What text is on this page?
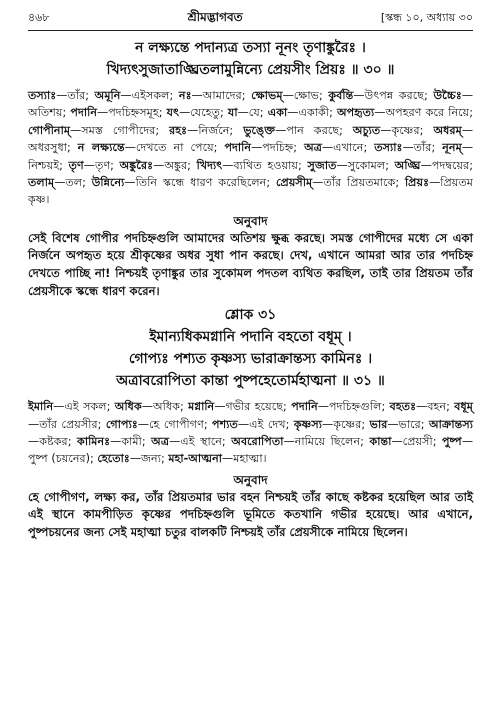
৪৬৮	শ্রীমদ্ভাগবত	[স্কন্ধ ১০, অধ্যায় ৩০
ন লক্ষ্যন্তে পদান্যত্র তস্যা নূনং তৃণাঙ্কুরৈঃ ।
খিদ্যৎসুজাতাঙ্ঘ্রিতলামুন্নিন্যে প্রেয়সীং প্রিয়ঃ ॥ ৩০ ॥

তস্যাঃ—তাঁর; অমূনি—এইসকল; নঃ—আমাদের; ক্ষোভম্—ক্ষোভ; কুর্বন্তি—উৎপন্ন করছে; উচ্চৈঃ—অতিশয়; পদানি—পদচিহ্নসমূহ; যৎ—যেহেতু; যা—যে; একা—একাকী; অপহৃত্য—অপহরণ করে নিয়ে; গোপীনাম্—সমস্ত গোপীদের; রহঃ—নির্জনে; ভুঙ্ক্তে—পান করছে; অচ্যুত—কৃষ্ণের; অধরম্—অধরসুধা; ন লক্ষ্যন্তে—দেখতে না পেয়ে; পদানি—পদচিহ্ন; অত্র—এখানে; তস্যাঃ—তাঁর; নূনম্—নিশ্চয়ই; তৃণ—তৃণ; অঙ্কুরৈঃ—অঙ্কুর; খিদ্যৎ—ব্যথিত হওয়ায়; সুজাত—সুকোমল; অঙ্ঘ্রি—পদদ্বয়ের; তলাম্—তল; উন্নিন্যে—তিনি স্কন্ধে ধারণ করেছিলেন; প্রেয়সীম্—তাঁর প্রিয়তমাকে; প্রিয়ঃ—প্রিয়তম কৃষ্ণ।

অনুবাদ
সেই বিশেষ গোপীর পদচিহ্নগুলি আমাদের অতিশয় ক্ষুব্ধ করছে। সমস্ত গোপীদের মধ্যে সে একা নির্জনে অপহৃত হয়ে শ্রীকৃষ্ণের অধর সুধা পান করছে। দেখ, এখানে আমরা আর তার পদচিহ্ন দেখতে পাচ্ছি না! নিশ্চয়ই তৃণাঙ্কুর তার সুকোমল পদতল ব্যথিত করছিল, তাই তার প্রিয়তম তাঁর প্রেয়সীকে স্কন্ধে ধারণ করেন।
শ্লোক ৩১
ইমান্যধিকমগ্নানি পদানি বহতো বধূম্ ।
গোপ্যঃ পশ্যত কৃষ্ণস্য ভারাক্রান্তস্য কামিনঃ ।
অত্রাবরোপিতা কান্তা পুষ্পহেতোর্মহাত্মনা ॥ ৩১ ॥

ইমানি—এই সকল; অধিক—অধিক; মগ্নানি—গভীর হয়েছে; পদানি—পদচিহ্নগুলি; বহতঃ—বহন; বধূম্—তাঁর প্রেয়সীর; গোপ্যঃ—হে গোপীগণ; পশ্যত—এই দেখ; কৃষ্ণস্য—কৃষ্ণের; ভার—ভারে; আক্রান্তস্য—কষ্টকর; কামিনঃ—কামী; অত্র—এই স্থানে; অবরোপিতা—নামিয়ে ছিলেন; কান্তা—প্রেয়সী; পুষ্প—পুষ্প (চয়নের); হেতোঃ—জন্য; মহা-আত্মনা—মহাত্মা।

অনুবাদ
হে গোপীগণ, লক্ষ্য কর, তাঁর প্রিয়তমার ভার বহন নিশ্চয়ই তাঁর কাছে কষ্টকর হয়েছিল আর তাই এই স্থানে কামপীড়িত কৃষ্ণের পদচিহ্নগুলি ভূমিতে কতখানি গভীর হয়েছে। আর এখানে, পুষ্পচয়নের জন্য সেই মহাত্মা চতুর বালকটি নিশ্চয়ই তাঁর প্রেয়সীকে নামিয়ে ছিলেন।
